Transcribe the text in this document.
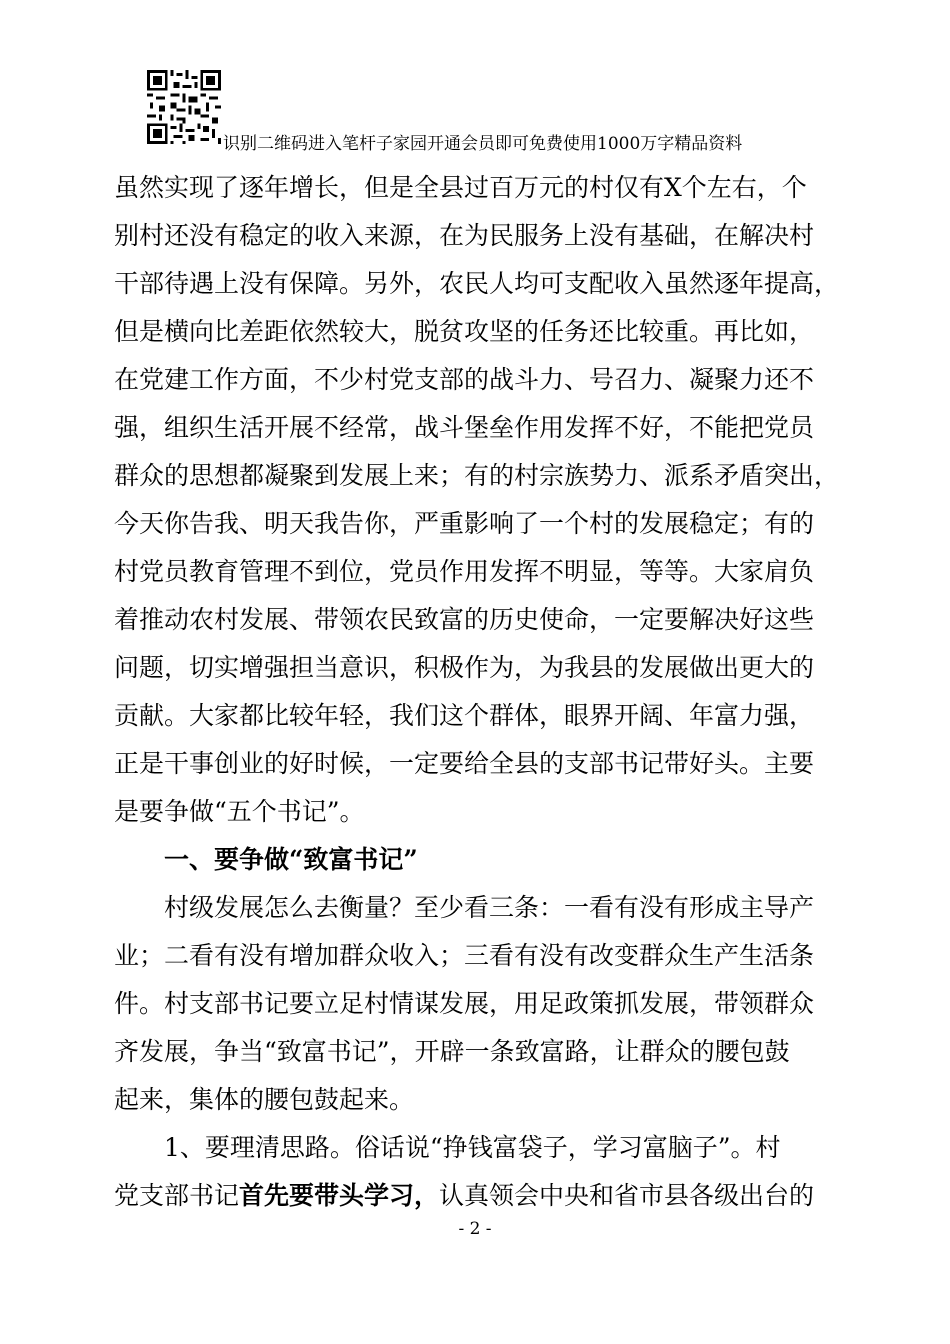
识别二维码进入笔杆子家园开通会员即可免费使用1000万字精品资料
虽然实现了逐年增长，但是全县过百万元的村仅有X个左右，个
别村还没有稳定的收入来源，在为民服务上没有基础，在解决村
干部待遇上没有保障。另外，农民人均可支配收入虽然逐年提高，
但是横向比差距依然较大，脱贫攻坚的任务还比较重。再比如，
在党建工作方面，不少村党支部的战斗力、号召力、凝聚力还不
强，组织生活开展不经常，战斗堡垒作用发挥不好，不能把党员
群众的思想都凝聚到发展上来；有的村宗族势力、派系矛盾突出，
今天你告我、明天我告你，严重影响了一个村的发展稳定；有的
村党员教育管理不到位，党员作用发挥不明显，等等。大家肩负
着推动农村发展、带领农民致富的历史使命，一定要解决好这些
问题，切实增强担当意识，积极作为，为我县的发展做出更大的
贡献。大家都比较年轻，我们这个群体，眼界开阔、年富力强，
正是干事创业的好时候，一定要给全县的支部书记带好头。主要
是要争做“五个书记”。
一、要争做“致富书记”
村级发展怎么去衡量？至少看三条：一看有没有形成主导产
业；二看有没有增加群众收入；三看有没有改变群众生产生活条
件。村支部书记要立足村情谋发展，用足政策抓发展，带领群众
齐发展，争当“致富书记”，开辟一条致富路，让群众的腰包鼓
起来，集体的腰包鼓起来。
1、要理清思路。俗话说“挣钱富袋子，学习富脑子”。村
党支部书记首先要带头学习，认真领会中央和省市县各级出台的
- 2 -
